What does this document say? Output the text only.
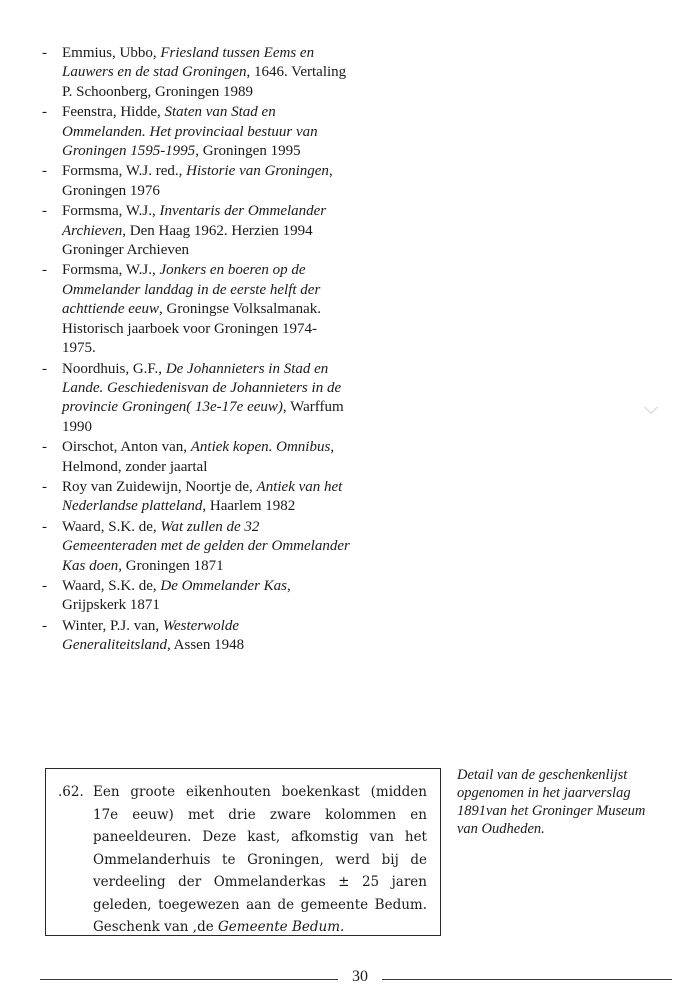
- Emmius, Ubbo, Friesland tussen Eems en Lauwers en de stad Groningen, 1646. Vertaling P. Schoonberg, Groningen 1989
- Feenstra, Hidde, Staten van Stad en Ommelanden. Het provinciaal bestuur van Groningen 1595-1995, Groningen 1995
- Formsma, W.J. red., Historie van Groningen, Groningen 1976
- Formsma, W.J., Inventaris der Ommelander Archieven, Den Haag 1962. Herzien 1994 Groninger Archieven
- Formsma, W.J., Jonkers en boeren op de Ommelander landdag in de eerste helft der achttiende eeuw, Groningse Volksalmanak. Historisch jaarboek voor Groningen 1974-1975.
- Noordhuis, G.F., De Johannieters in Stad en Lande. Geschiedenisvan de Johannieters in de provincie Groningen( 13e-17e eeuw), Warffum 1990
- Oirschot, Anton van, Antiek kopen. Omnibus, Helmond, zonder jaartal
- Roy van Zuidewijn, Noortje de, Antiek van het Nederlandse platteland, Haarlem 1982
- Waard, S.K. de, Wat zullen de 32 Gemeenteraden met de gelden der Ommelander Kas doen, Groningen 1871
- Waard, S.K. de, De Ommelander Kas, Grijpskerk 1871
- Winter, P.J. van, Westerwolde Generaliteitsland, Assen 1948
.62. Een groote eikenhouten boekenkast (midden 17e eeuw) met drie zware kolommen en paneeldeuren. Deze kast, afkomstig van het Ommelanderhuis te Groningen, werd bij de verdeeling der Ommelanderkas ± 25 jaren geleden, toegewezen aan de gemeente Bedum. Geschenk van ,de Gemeente Bedum.
Detail van de geschenkenlijst opgenomen in het jaarverslag 1891van het Groninger Museum van Oudheden.
30
